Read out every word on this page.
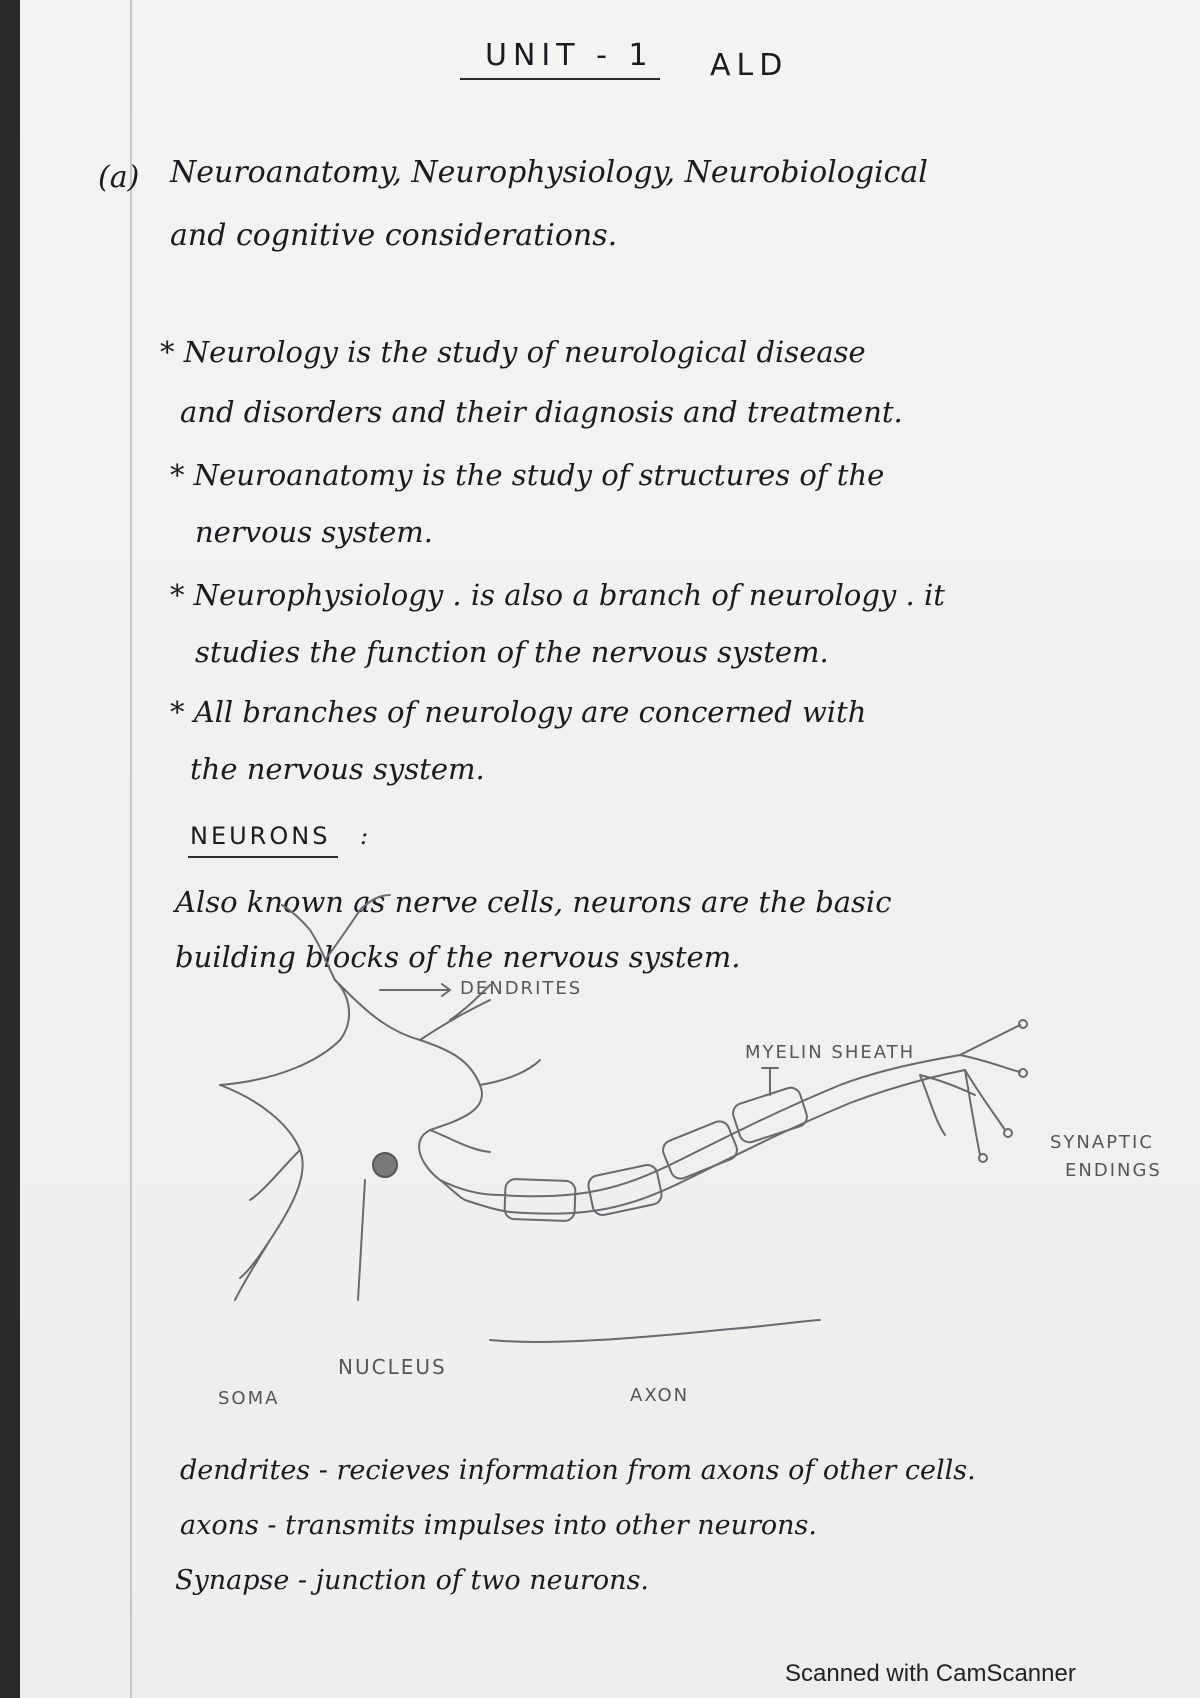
UNIT - 1 ALD
(a) Neuroanatomy, Neurophysiology, Neurobiological
and cognitive considerations.
* Neurology is the study of neurological disease
and disorders and their diagnosis and treatment.
* Neuroanatomy is the study of structures of the
nervous system.
* Neurophysiology . is also a branch of neurology . it
studies the function of the nervous system.
* All branches of neurology are concerned with
the nervous system.
NEURONS :
Also known as nerve cells, neurons are the basic
building blocks of the nervous system.
DENDRITES
MYELIN SHEATH
SYNAPTIC
ENDINGS
NUCLEUS
SOMA	AXON
dendrites - recieves information from axons of other cells.
axons - transmits impulses into other neurons.
Synapse - junction of two neurons.
Scanned with CamScanner
